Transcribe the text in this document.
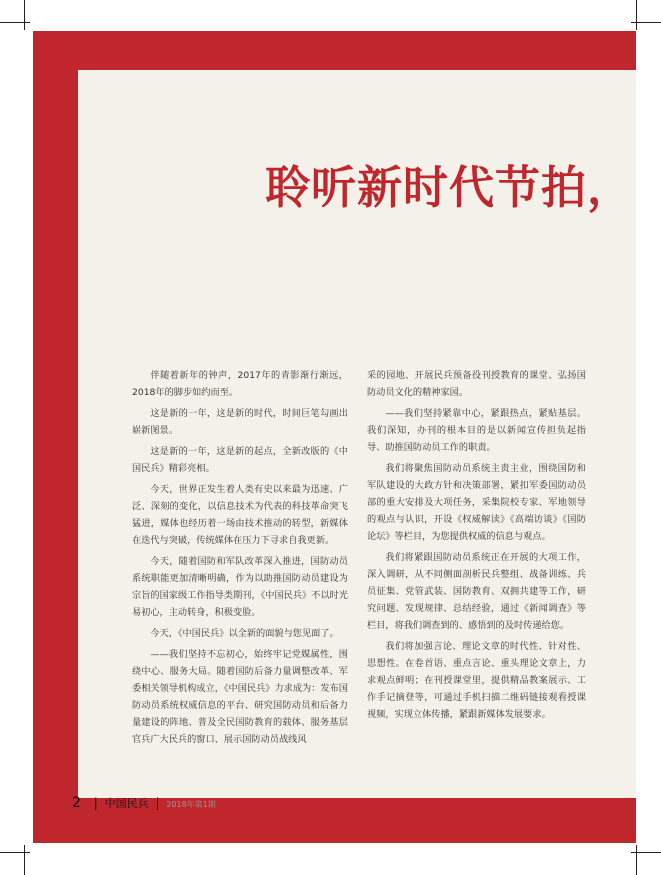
聆听新时代节拍，

伴随着新年的钟声，2017年的青影渐行渐远，2018年的脚步如约而至。

这是新的一年，这是新的时代，时间巨笔勾画出崭新图景。

这是新的一年，这是新的起点，全新改版的《中国民兵》精彩亮相。

今天，世界正发生着人类有史以来最为迅速、广泛、深刻的变化，以信息技术为代表的科技革命突飞猛进，媒体也经历着一场由技术推动的转型，新媒体在迭代与突破，传统媒体在压力下寻求自我更新。

今天，随着国防和军队改革深入推进，国防动员系统职能更加清晰明确，作为以助推国防动员建设为宗旨的国家级工作指导类期刊，《中国民兵》不以时光易初心，主动转身，积极变脸。

今天，《中国民兵》以全新的面貌与您见面了。

——我们坚持不忘初心，始终牢记党媒属性，围绕中心、服务大局。随着国防后备力量调整改革、军委相关领导机构成立，《中国民兵》力求成为：发布国防动员系统权威信息的平台、研究国防动员和后备力量建设的阵地、普及全民国防教育的载体、服务基层官兵广大民兵的窗口、展示国防动员战线风

采的园地、开展民兵预备役刊授教育的课堂、弘扬国防动员文化的精神家园。

——我们坚持紧靠中心，紧跟热点，紧贴基层。我们深知，办刊的根本目的是以新闻宣传担负起指导、助推国防动员工作的职责。

我们将聚焦国防动员系统主责主业，围绕国防和军队建设的大政方针和决策部署，紧扣军委国防动员部的重大安排及大项任务，采集院校专家、军地领导的观点与认识，开设《权威解读》《高端访谈》《国防论坛》等栏目，为您提供权威的信息与观点。

我们将紧跟国防动员系统正在开展的大项工作，深入调研，从不同侧面剖析民兵整组、战备训练、兵员征集、党管武装、国防教育、双拥共建等工作，研究问题、发现规律、总结经验，通过《新闻调查》等栏目，将我们调查到的、感悟到的及时传递给您。

我们将加强言论、理论文章的时代性、针对性、思想性。在卷首语、重点言论、重头理论文章上，力求观点鲜明；在刊授课堂里，提供精品教案展示、工作手记摘登等，可通过手机扫描二维码链接观看授课视频，实现立体传播，紧跟新媒体发展要求。

2 | 中国民兵 | 2018年第1期
